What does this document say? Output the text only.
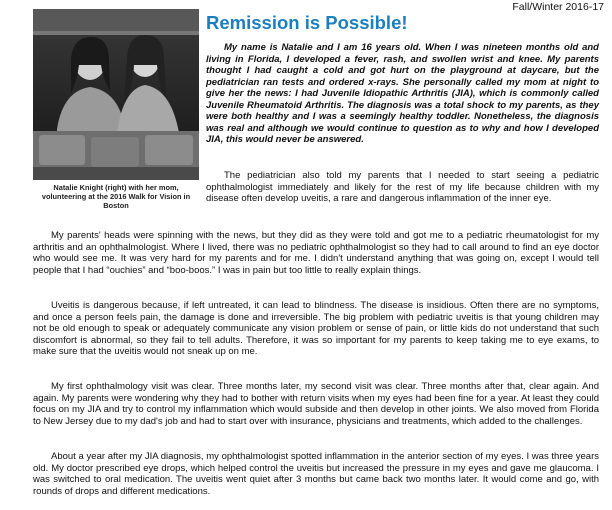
Fall/Winter 2016-17
Natalie Knight (right) with her mom, volunteering at the 2016 Walk for Vision in Boston
Remission is Possible!

My name is Natalie and I am 16 years old. When I was nineteen months old and living in Florida, I developed a fever, rash, and swollen wrist and knee. My parents thought I had caught a cold and got hurt on the playground at daycare, but the pediatrician ran tests and ordered x-rays. She personally called my mom at night to give her the news: I had Juvenile Idiopathic Arthritis (JIA), which is commonly called Juvenile Rheumatoid Arthritis. The diagnosis was a total shock to my parents, as they were both healthy and I was a seemingly healthy toddler. Nonetheless, the diagnosis was real and although we would continue to question as to why and how I developed JIA, this would never be answered.

The pediatrician also told my parents that I needed to start seeing a pediatric ophthalmologist immediately and likely for the rest of my life because children with my disease often develop uveitis, a rare and dangerous inflammation of the inner eye.

My parents' heads were spinning with the news, but they did as they were told and got me to a pediatric rheumatologist for my arthritis and an ophthalmologist. Where I lived, there was no pediatric ophthalmologist so they had to call around to find an eye doctor who would see me. It was very hard for my parents and for me. I didn't understand anything that was going on, except I would tell people that I had “ouchies” and “boo-boos.” I was in pain but too little to really explain things.

Uveitis is dangerous because, if left untreated, it can lead to blindness. The disease is insidious. Often there are no symptoms, and once a person feels pain, the damage is done and irreversible. The big problem with pediatric uveitis is that young children may not be old enough to speak or adequately communicate any vision problem or sense of pain, or little kids do not understand that such discomfort is abnormal, so they fail to tell adults. Therefore, it was so important for my parents to keep taking me to eye exams, to make sure that the uveitis would not sneak up on me.

My first ophthalmology visit was clear. Three months later, my second visit was clear. Three months after that, clear again. And again. My parents were wondering why they had to bother with return visits when my eyes had been fine for a year. At least they could focus on my JIA and try to control my inflammation which would subside and then develop in other joints. We also moved from Florida to New Jersey due to my dad's job and had to start over with insurance, physicians and treatments, which added to the challenges.

About a year after my JIA diagnosis, my ophthalmologist spotted inflammation in the anterior section of my eyes. I was three years old. My doctor prescribed eye drops, which helped control the uveitis but increased the pressure in my eyes and gave me glaucoma. I was switched to oral medication. The uveitis went quiet after 3 months but came back two months later. It would come and go, with rounds of drops and different medications.
